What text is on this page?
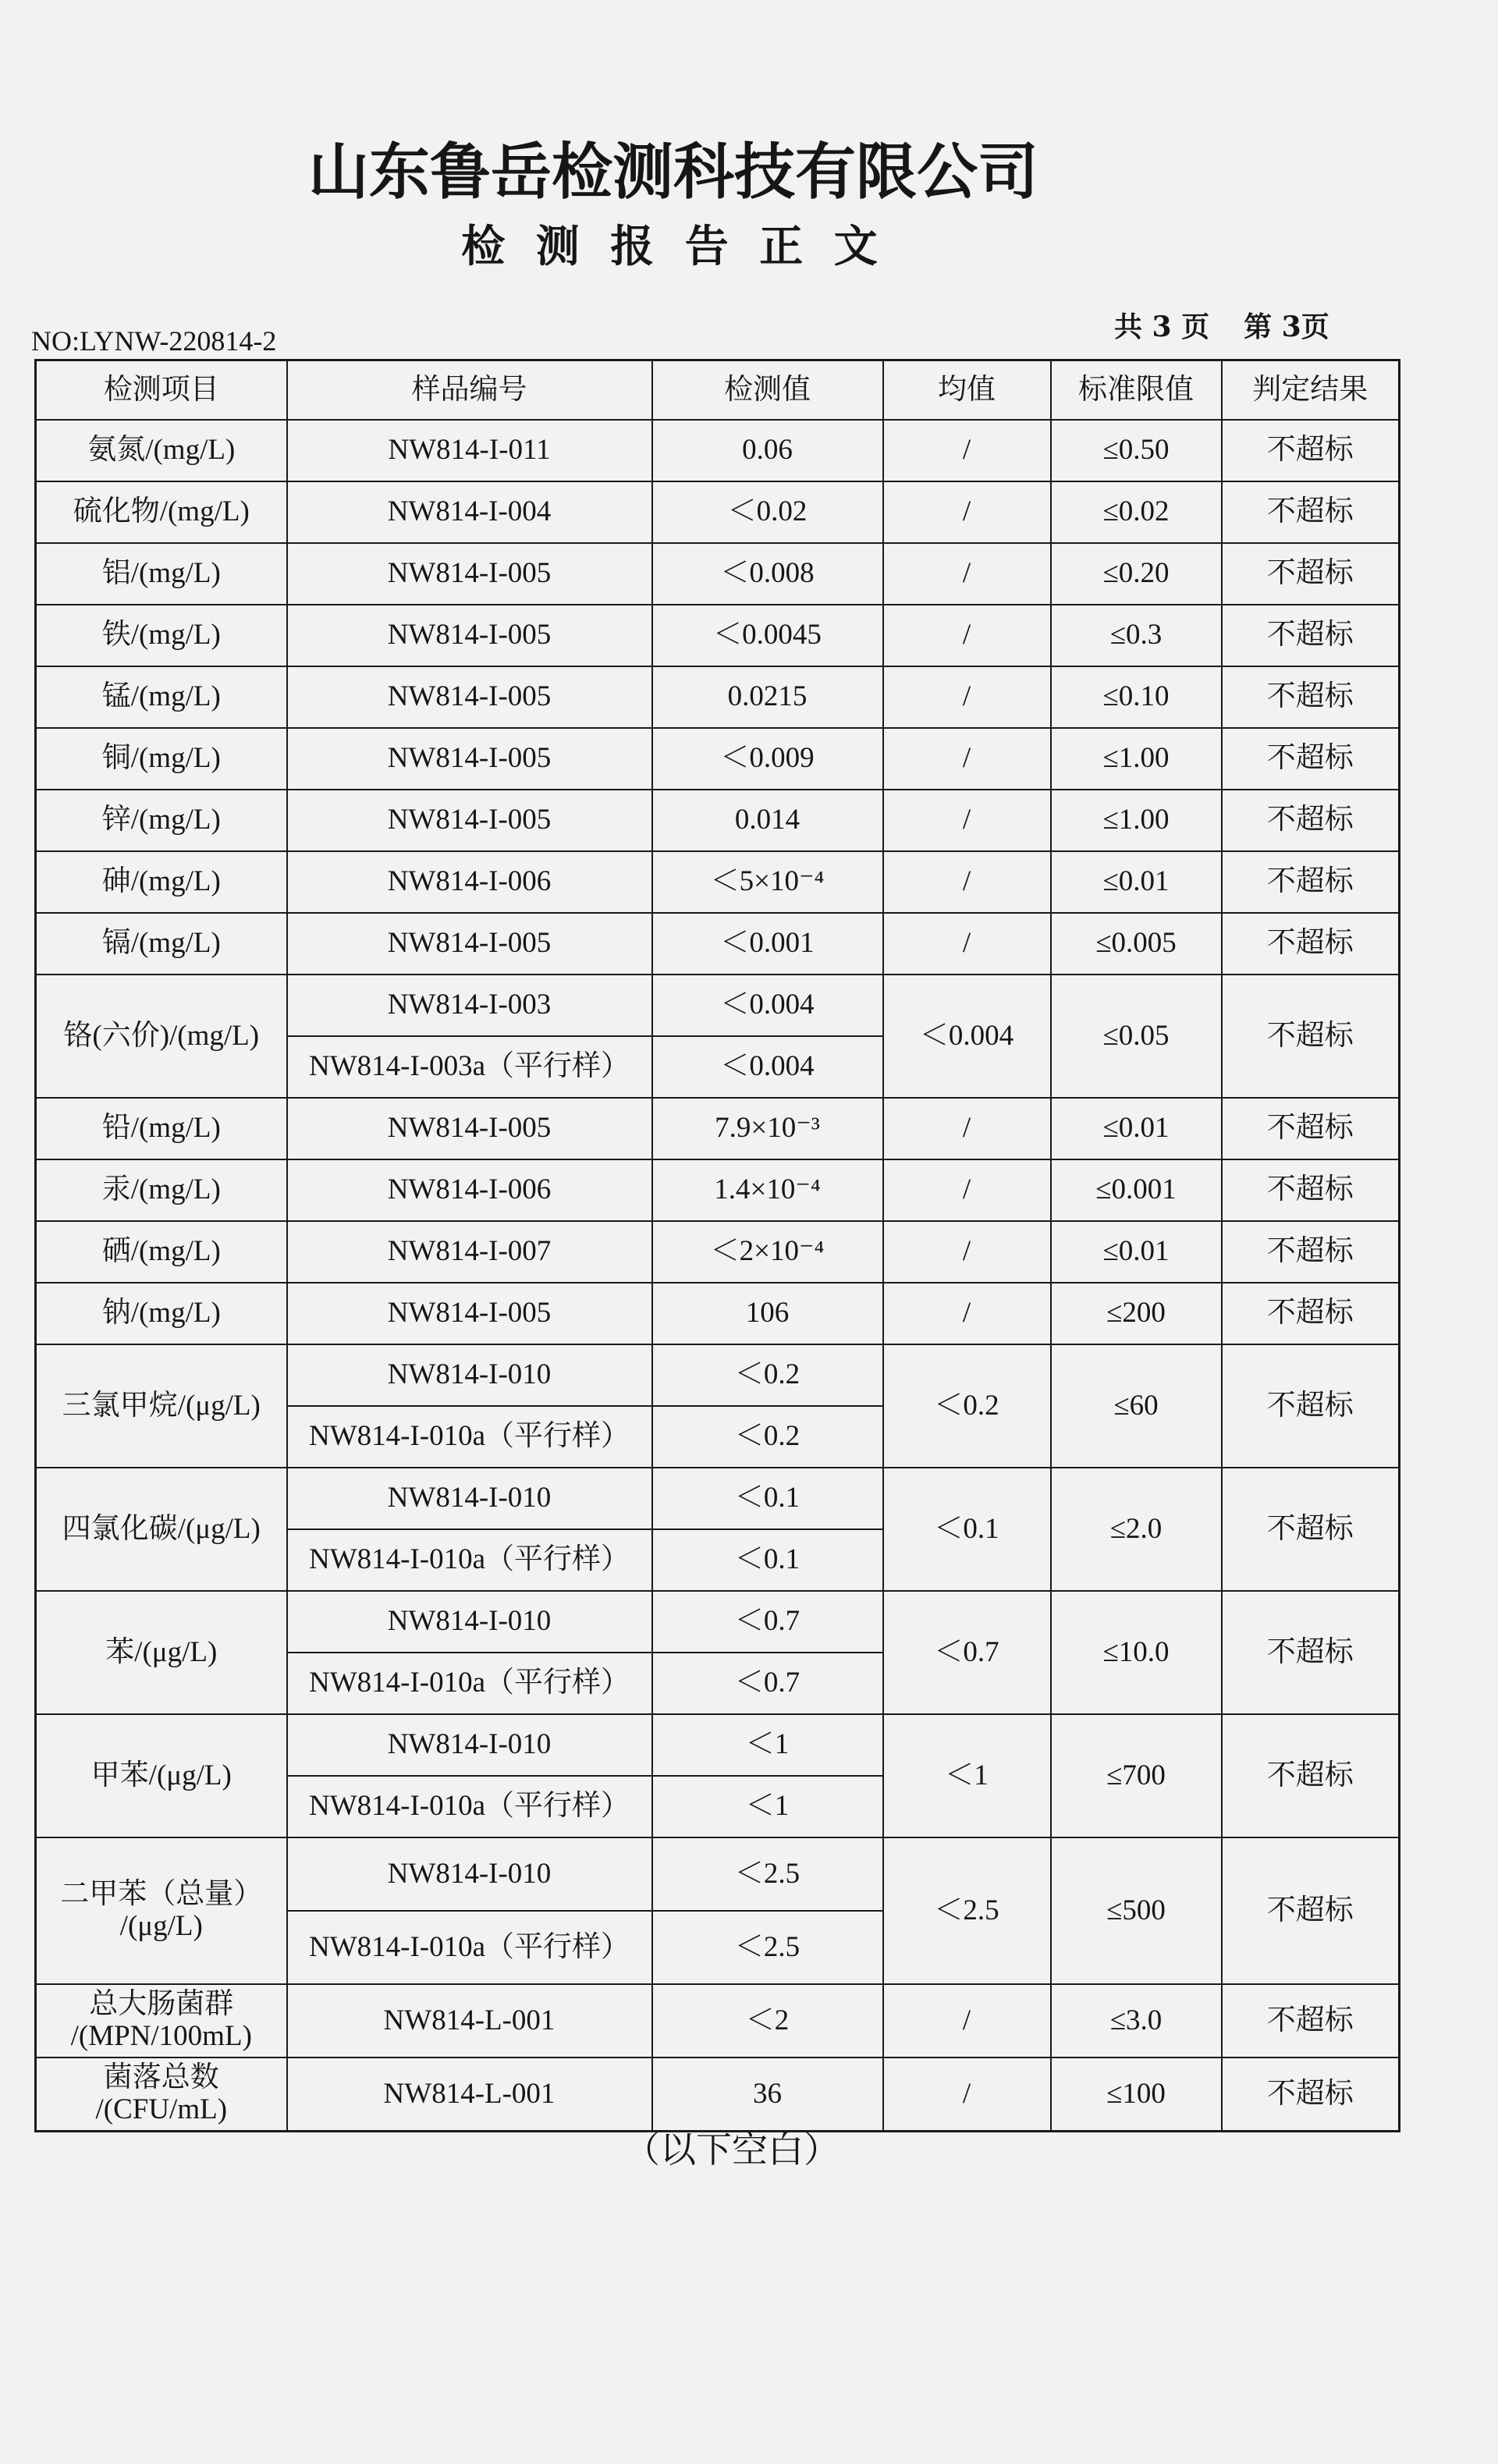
山东鲁岳检测科技有限公司
检 测 报 告 正 文
NO:LYNW-220814-2	共 3 页 第 3页
检测项目	样品编号	检测值	均值	标准限值	判定结果
氨氮/(mg/L)	NW814-I-011	0.06	/	≤0.50	不超标
硫化物/(mg/L)	NW814-I-004	＜0.02	/	≤0.02	不超标
铝/(mg/L)	NW814-I-005	＜0.008	/	≤0.20	不超标
铁/(mg/L)	NW814-I-005	＜0.0045	/	≤0.3	不超标
锰/(mg/L)	NW814-I-005	0.0215	/	≤0.10	不超标
铜/(mg/L)	NW814-I-005	＜0.009	/	≤1.00	不超标
锌/(mg/L)	NW814-I-005	0.014	/	≤1.00	不超标
砷/(mg/L)	NW814-I-006	＜5×10⁻⁴	/	≤0.01	不超标
镉/(mg/L)	NW814-I-005	＜0.001	/	≤0.005	不超标
铬(六价)/(mg/L)	NW814-I-003	＜0.004	＜0.004	≤0.05	不超标
	NW814-I-003a（平行样）	＜0.004			
铅/(mg/L)	NW814-I-005	7.9×10⁻³	/	≤0.01	不超标
汞/(mg/L)	NW814-I-006	1.4×10⁻⁴	/	≤0.001	不超标
硒/(mg/L)	NW814-I-007	＜2×10⁻⁴	/	≤0.01	不超标
钠/(mg/L)	NW814-I-005	106	/	≤200	不超标
三氯甲烷/(μg/L)	NW814-I-010	＜0.2	＜0.2	≤60	不超标
	NW814-I-010a（平行样）	＜0.2			
四氯化碳/(μg/L)	NW814-I-010	＜0.1	＜0.1	≤2.0	不超标
	NW814-I-010a（平行样）	＜0.1			
苯/(μg/L)	NW814-I-010	＜0.7	＜0.7	≤10.0	不超标
	NW814-I-010a（平行样）	＜0.7			
甲苯/(μg/L)	NW814-I-010	＜1	＜1	≤700	不超标
	NW814-I-010a（平行样）	＜1			
二甲苯（总量）
/(μg/L)	NW814-I-010	＜2.5	＜2.5	≤500	不超标
	NW814-I-010a（平行样）	＜2.5			
总大肠菌群
/(MPN/100mL)	NW814-L-001	＜2	/	≤3.0	不超标
菌落总数
/(CFU/mL)	NW814-L-001	36	/	≤100	不超标
（以下空白）
